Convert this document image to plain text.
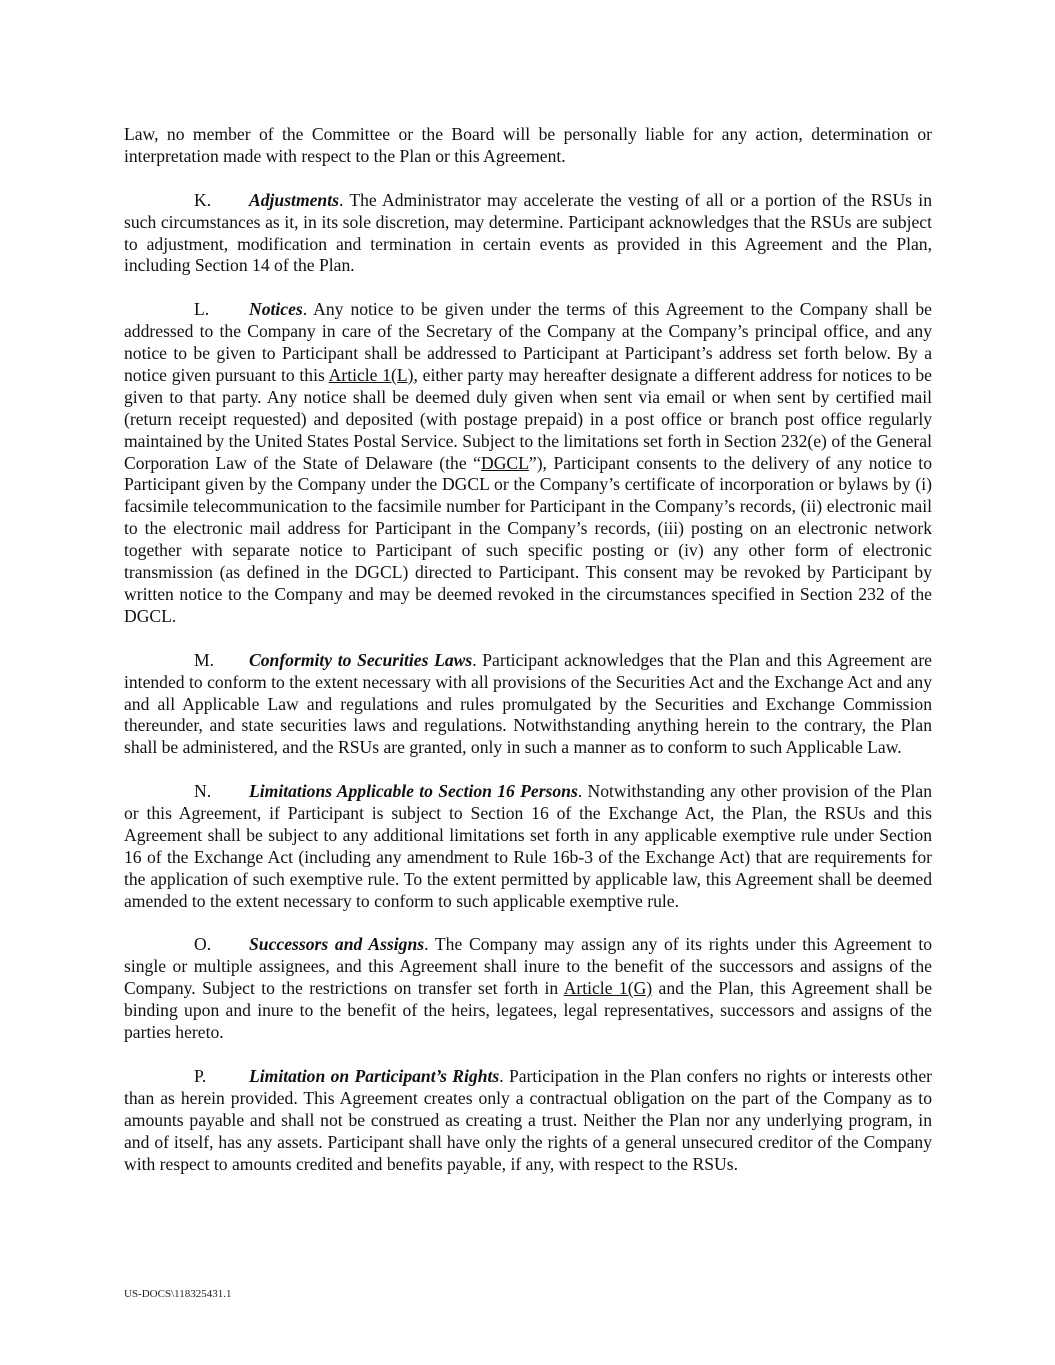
Law, no member of the Committee or the Board will be personally liable for any action, determination or interpretation made with respect to the Plan or this Agreement.

K. Adjustments. The Administrator may accelerate the vesting of all or a portion of the RSUs in such circumstances as it, in its sole discretion, may determine. Participant acknowledges that the RSUs are subject to adjustment, modification and termination in certain events as provided in this Agreement and the Plan, including Section 14 of the Plan.

L. Notices. Any notice to be given under the terms of this Agreement to the Company shall be addressed to the Company in care of the Secretary of the Company at the Company’s principal office, and any notice to be given to Participant shall be addressed to Participant at Participant’s address set forth below. By a notice given pursuant to this Article 1(L), either party may hereafter designate a different address for notices to be given to that party. Any notice shall be deemed duly given when sent via email or when sent by certified mail (return receipt requested) and deposited (with postage prepaid) in a post office or branch post office regularly maintained by the United States Postal Service. Subject to the limitations set forth in Section 232(e) of the General Corporation Law of the State of Delaware (the “DGCL”), Participant consents to the delivery of any notice to Participant given by the Company under the DGCL or the Company’s certificate of incorporation or bylaws by (i) facsimile telecommunication to the facsimile number for Participant in the Company’s records, (ii) electronic mail to the electronic mail address for Participant in the Company’s records, (iii) posting on an electronic network together with separate notice to Participant of such specific posting or (iv) any other form of electronic transmission (as defined in the DGCL) directed to Participant. This consent may be revoked by Participant by written notice to the Company and may be deemed revoked in the circumstances specified in Section 232 of the DGCL.

M. Conformity to Securities Laws. Participant acknowledges that the Plan and this Agreement are intended to conform to the extent necessary with all provisions of the Securities Act and the Exchange Act and any and all Applicable Law and regulations and rules promulgated by the Securities and Exchange Commission thereunder, and state securities laws and regulations. Notwithstanding anything herein to the contrary, the Plan shall be administered, and the RSUs are granted, only in such a manner as to conform to such Applicable Law.

N. Limitations Applicable to Section 16 Persons. Notwithstanding any other provision of the Plan or this Agreement, if Participant is subject to Section 16 of the Exchange Act, the Plan, the RSUs and this Agreement shall be subject to any additional limitations set forth in any applicable exemptive rule under Section 16 of the Exchange Act (including any amendment to Rule 16b-3 of the Exchange Act) that are requirements for the application of such exemptive rule. To the extent permitted by applicable law, this Agreement shall be deemed amended to the extent necessary to conform to such applicable exemptive rule.

O. Successors and Assigns. The Company may assign any of its rights under this Agreement to single or multiple assignees, and this Agreement shall inure to the benefit of the successors and assigns of the Company. Subject to the restrictions on transfer set forth in Article 1(G) and the Plan, this Agreement shall be binding upon and inure to the benefit of the heirs, legatees, legal representatives, successors and assigns of the parties hereto.

P. Limitation on Participant’s Rights. Participation in the Plan confers no rights or interests other than as herein provided. This Agreement creates only a contractual obligation on the part of the Company as to amounts payable and shall not be construed as creating a trust. Neither the Plan nor any underlying program, in and of itself, has any assets. Participant shall have only the rights of a general unsecured creditor of the Company with respect to amounts credited and benefits payable, if any, with respect to the RSUs.

US-DOCS\118325431.1
